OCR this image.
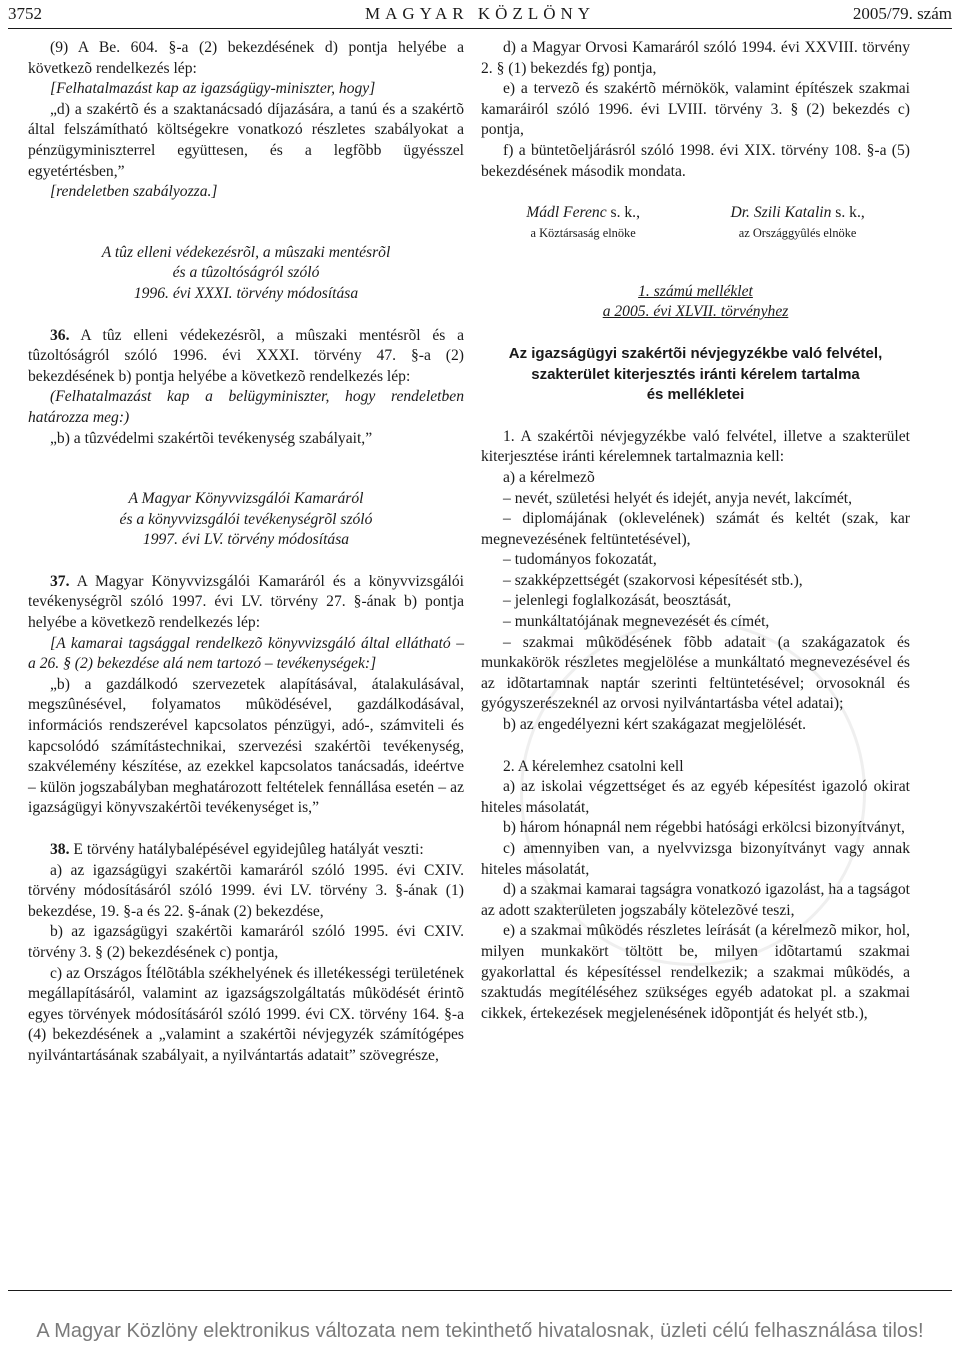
3752	MAGYAR KÖZLÖNY	2005/79. szám

(9) A Be. 604. §-a (2) bekezdésének d) pontja helyébe a következõ rendelkezés lép:

[Felhatalmazást kap az igazságügy-miniszter, hogy]

„d) a szakértõ és a szaktanácsadó díjazására, a tanú és a szakértõ által felszámítható költségekre vonatkozó részletes szabályokat a pénzügyminiszterrel együttesen, és a legfõbb ügyésszel egyetértésben,”

[rendeletben szabályozza.]

A tûz elleni védekezésrõl, a mûszaki mentésrõl

és a tûzoltóságról szóló

1996. évi XXXI. törvény módosítása

36. A tûz elleni védekezésrõl, a mûszaki mentésrõl és a tûzoltóságról szóló 1996. évi XXXI. törvény 47. §-a (2) bekezdésének b) pontja helyébe a következõ rendelkezés lép:

(Felhatalmazást kap a belügyminiszter, hogy rendeletben határozza meg:)

„b) a tûzvédelmi szakértõi tevékenység szabályait,”

A Magyar Könyvvizsgálói Kamaráról

és a könyvvizsgálói tevékenységrõl szóló

1997. évi LV. törvény módosítása

37. A Magyar Könyvvizsgálói Kamaráról és a könyvvizsgálói tevékenységrõl szóló 1997. évi LV. törvény 27. §-ának b) pontja helyébe a következõ rendelkezés lép:

[A kamarai tagsággal rendelkezõ könyvvizsgáló által ellátható – a 26. § (2) bekezdése alá nem tartozó – tevékenységek:]

„b) a gazdálkodó szervezetek alapításával, átalakulásával, megszûnésével, folyamatos mûködésével, gazdálkodásával, információs rendszerével kapcsolatos pénzügyi, adó-, számviteli és kapcsolódó számítástechnikai, szervezési szakértõi tevékenység, szakvélemény készítése, az ezekkel kapcsolatos tanácsadás, ideértve – külön jogszabályban meghatározott feltételek fennállása esetén – az igazságügyi könyvszakértõi tevékenységet is,”

38. E törvény hatálybalépésével egyidejûleg hatályát veszti:

a) az igazságügyi szakértõi kamaráról szóló 1995. évi CXIV. törvény módosításáról szóló 1999. évi LV. törvény 3. §-ának (1) bekezdése, 19. §-a és 22. §-ának (2) bekezdése,

b) az igazságügyi szakértõi kamaráról szóló 1995. évi CXIV. törvény 3. § (2) bekezdésének c) pontja,

c) az Országos Ítélõtábla székhelyének és illetékességi területének megállapításáról, valamint az igazságszolgáltatás mûködését érintõ egyes törvények módosításáról szóló 1999. évi CX. törvény 164. §-a (4) bekezdésének a „valamint a szakértõi névjegyzék számítógépes nyilvántartásának szabályait, a nyilvántartás adatait” szövegrésze,

d) a Magyar Orvosi Kamaráról szóló 1994. évi XXVIII. törvény 2. § (1) bekezdés fg) pontja,

e) a tervezõ és szakértõ mérnökök, valamint építészek szakmai kamaráiról szóló 1996. évi LVIII. törvény 3. § (2) bekezdés c) pontja,

f) a büntetõeljárásról szóló 1998. évi XIX. törvény 108. §-a (5) bekezdésének második mondata.

Mádl Ferenc s. k.,
a Köztársaság elnöke
Dr. Szili Katalin s. k.,
az Országgyûlés elnöke

1. számú melléklet

a 2005. évi XLVII. törvényhez

Az igazságügyi szakértõi névjegyzékbe való felvétel,

szakterület kiterjesztés iránti kérelem tartalma

és mellékletei

1. A szakértõi névjegyzékbe való felvétel, illetve a szakterület kiterjesztése iránti kérelemnek tartalmaznia kell:

a) a kérelmezõ

– nevét, születési helyét és idejét, anyja nevét, lakcímét,

– diplomájának (oklevelének) számát és keltét (szak, kar megnevezésének feltüntetésével),

– tudományos fokozatát,

– szakképzettségét (szakorvosi képesítését stb.),

– jelenlegi foglalkozását, beosztását,

– munkáltatójának megnevezését és címét,

– szakmai mûködésének fõbb adatait (a szakágazatok és munkakörök részletes megjelölése a munkáltató megnevezésével és az idõtartamnak naptár szerinti feltüntetésével; orvosoknál és gyógyszerészeknél az orvosi nyilvántartásba vétel adatai);

b) az engedélyezni kért szakágazat megjelölését.

2. A kérelemhez csatolni kell

a) az iskolai végzettséget és az egyéb képesítést igazoló okirat hiteles másolatát,

b) három hónapnál nem régebbi hatósági erkölcsi bizonyítványt,

c) amennyiben van, a nyelvvizsga bizonyítványt vagy annak hiteles másolatát,

d) a szakmai kamarai tagságra vonatkozó igazolást, ha a tagságot az adott szakterületen jogszabály kötelezõvé teszi,

e) a szakmai mûködés részletes leírását (a kérelmezõ mikor, hol, milyen munkakört töltött be, milyen idõtartamú szakmai gyakorlattal és képesítéssel rendelkezik; a szakmai mûködés, a szaktudás megítéléséhez szükséges egyéb adatokat pl. a szakmai cikkek, értekezések megjelenésének idõpontját és helyét stb.),

A Magyar Közlöny elektronikus változata nem tekinthető hivatalosnak, üzleti célú felhasználása tilos!
